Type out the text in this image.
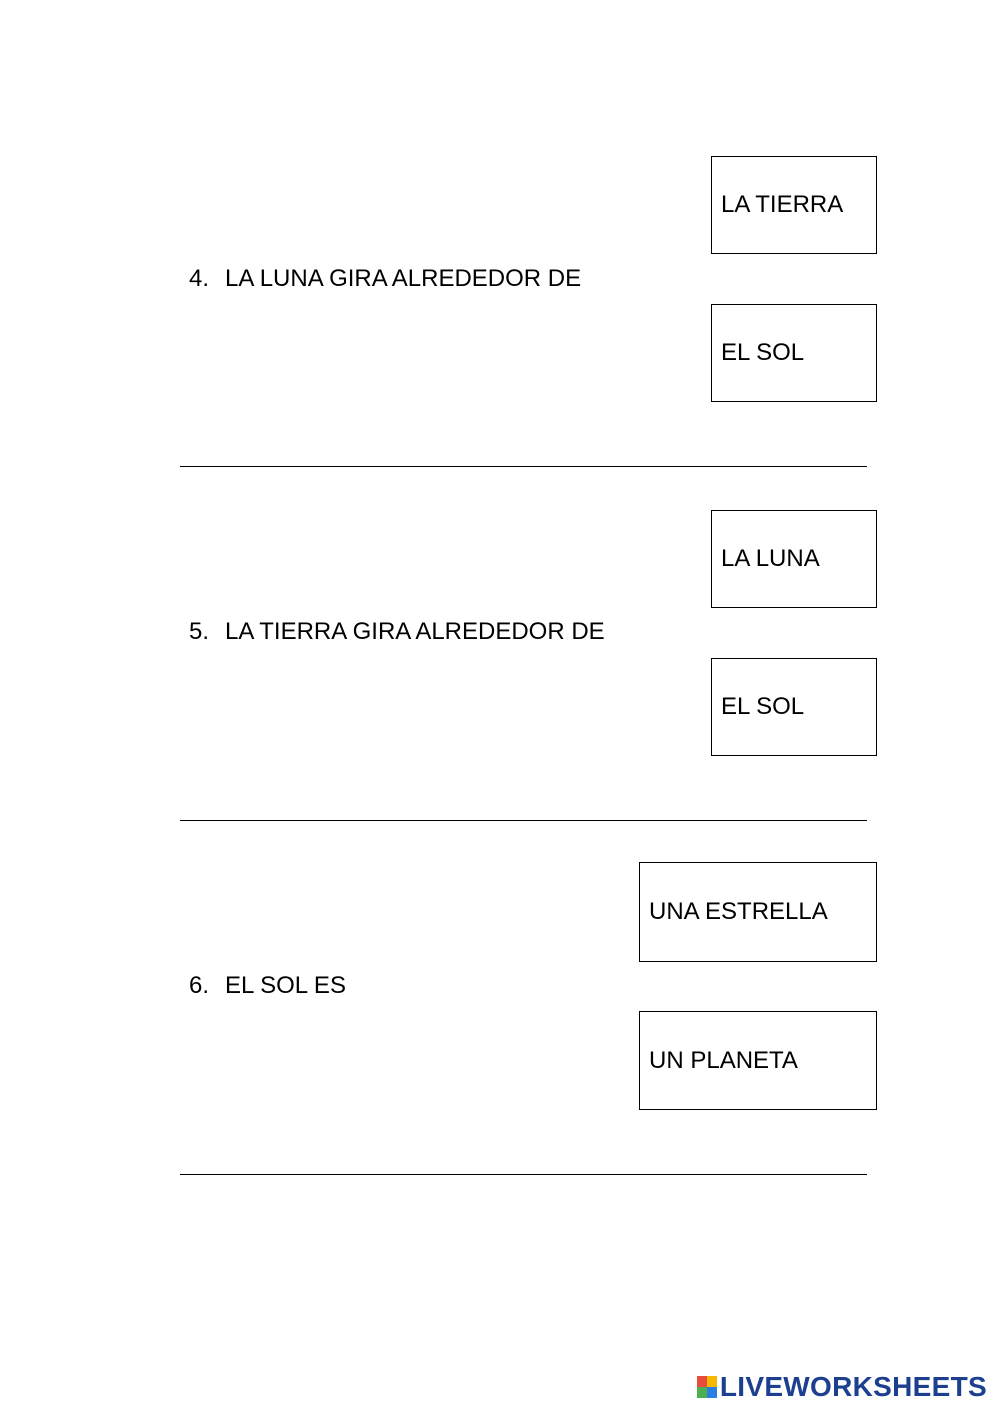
LA TIERRA
4. LA LUNA GIRA ALREDEDOR DE
EL SOL
LA LUNA
5. LA TIERRA GIRA ALREDEDOR DE
EL SOL
UNA ESTRELLA
6. EL SOL ES
UN PLANETA
LIVEWORKSHEETS
